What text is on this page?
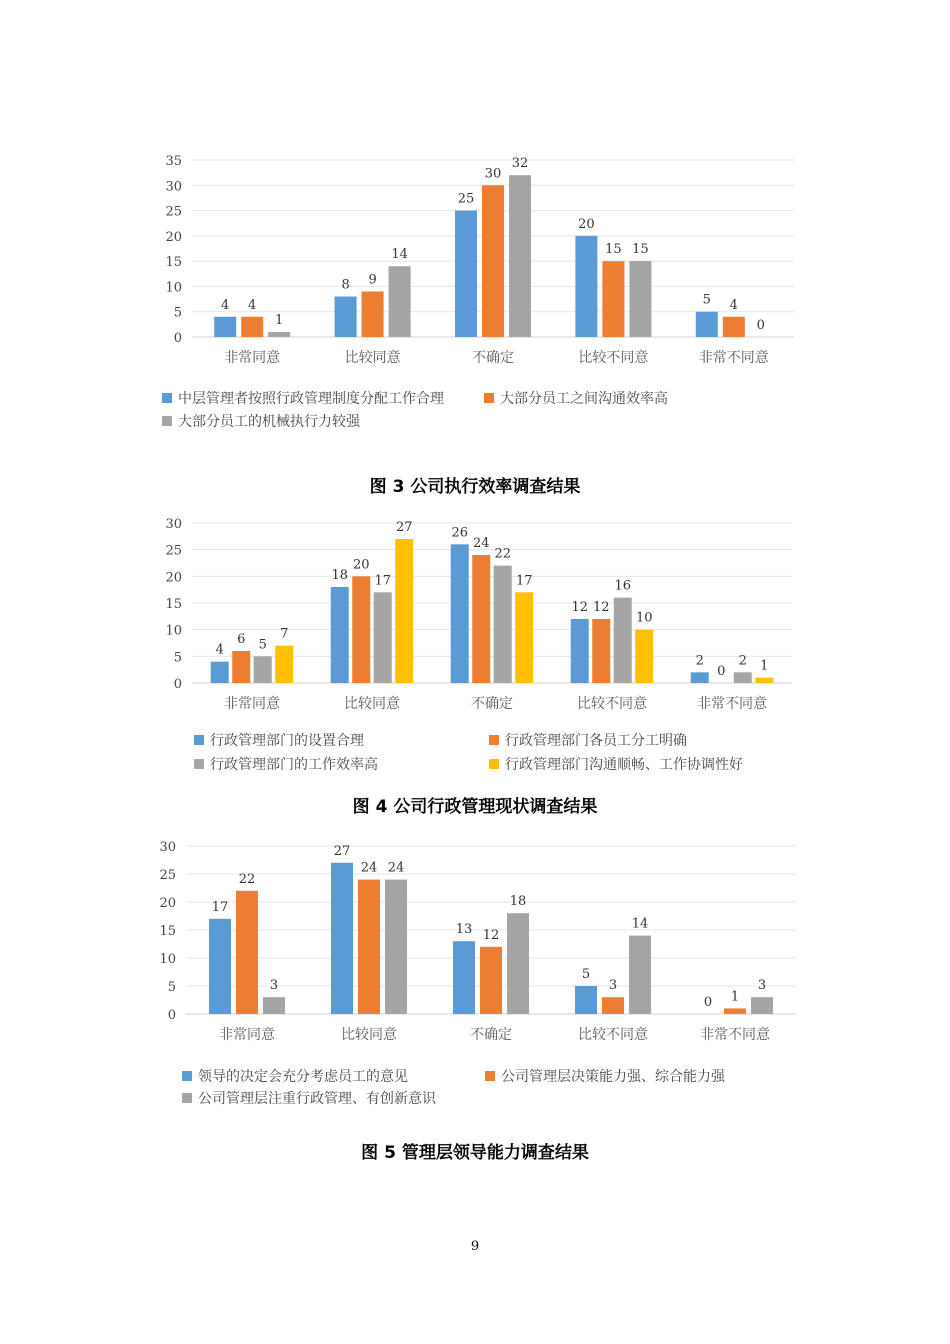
0
5
10
15
20
25
30
35
4 4
1
非常同意
8 9
14
比较同意
25
30
32
不确定
20
15 15
比较不同意
5 4
0
非常不同意
中层管理者按照行政管理制度分配工作合理	大部分员工之间沟通效率高
大部分员工的机械执行力较强
图 3 公司执行效率调查结果
0
5
10
15
20
25
30
4
6 5
7
非常同意
18
20
17
27
比较同意
26
24
22
17
不确定
12 12
16
10
比较不同意
2
0
2 1
非常不同意
行政管理部门的设置合理	行政管理部门各员工分工明确
行政管理部门的工作效率高	行政管理部门沟通顺畅、工作协调性好
图 4 公司行政管理现状调查结果
0
5
10
15
20
25
30
17
22
3
非常同意
27
24 24
比较同意
13 12
18
不确定
5
3
14
比较不同意
0 1
3
非常不同意
领导的决定会充分考虑员工的意见	公司管理层决策能力强、综合能力强
公司管理层注重行政管理、有创新意识
图 5 管理层领导能力调查结果
9
